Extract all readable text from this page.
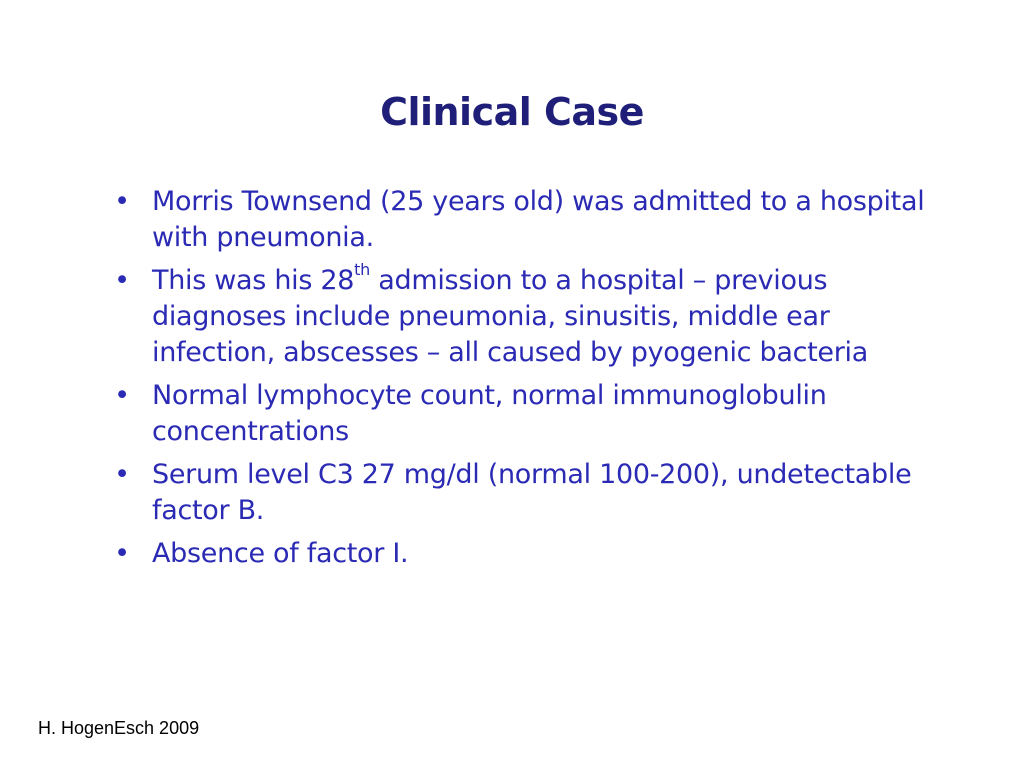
Clinical Case
• Morris Townsend (25 years old) was admitted to a hospital with pneumonia.
• This was his 28th admission to a hospital – previous diagnoses include pneumonia, sinusitis, middle ear infection, abscesses – all caused by pyogenic bacteria
• Normal lymphocyte count, normal immunoglobulin concentrations
• Serum level C3 27 mg/dl (normal 100-200), undetectable factor B.
• Absence of factor I.
H. HogenEsch 2009
